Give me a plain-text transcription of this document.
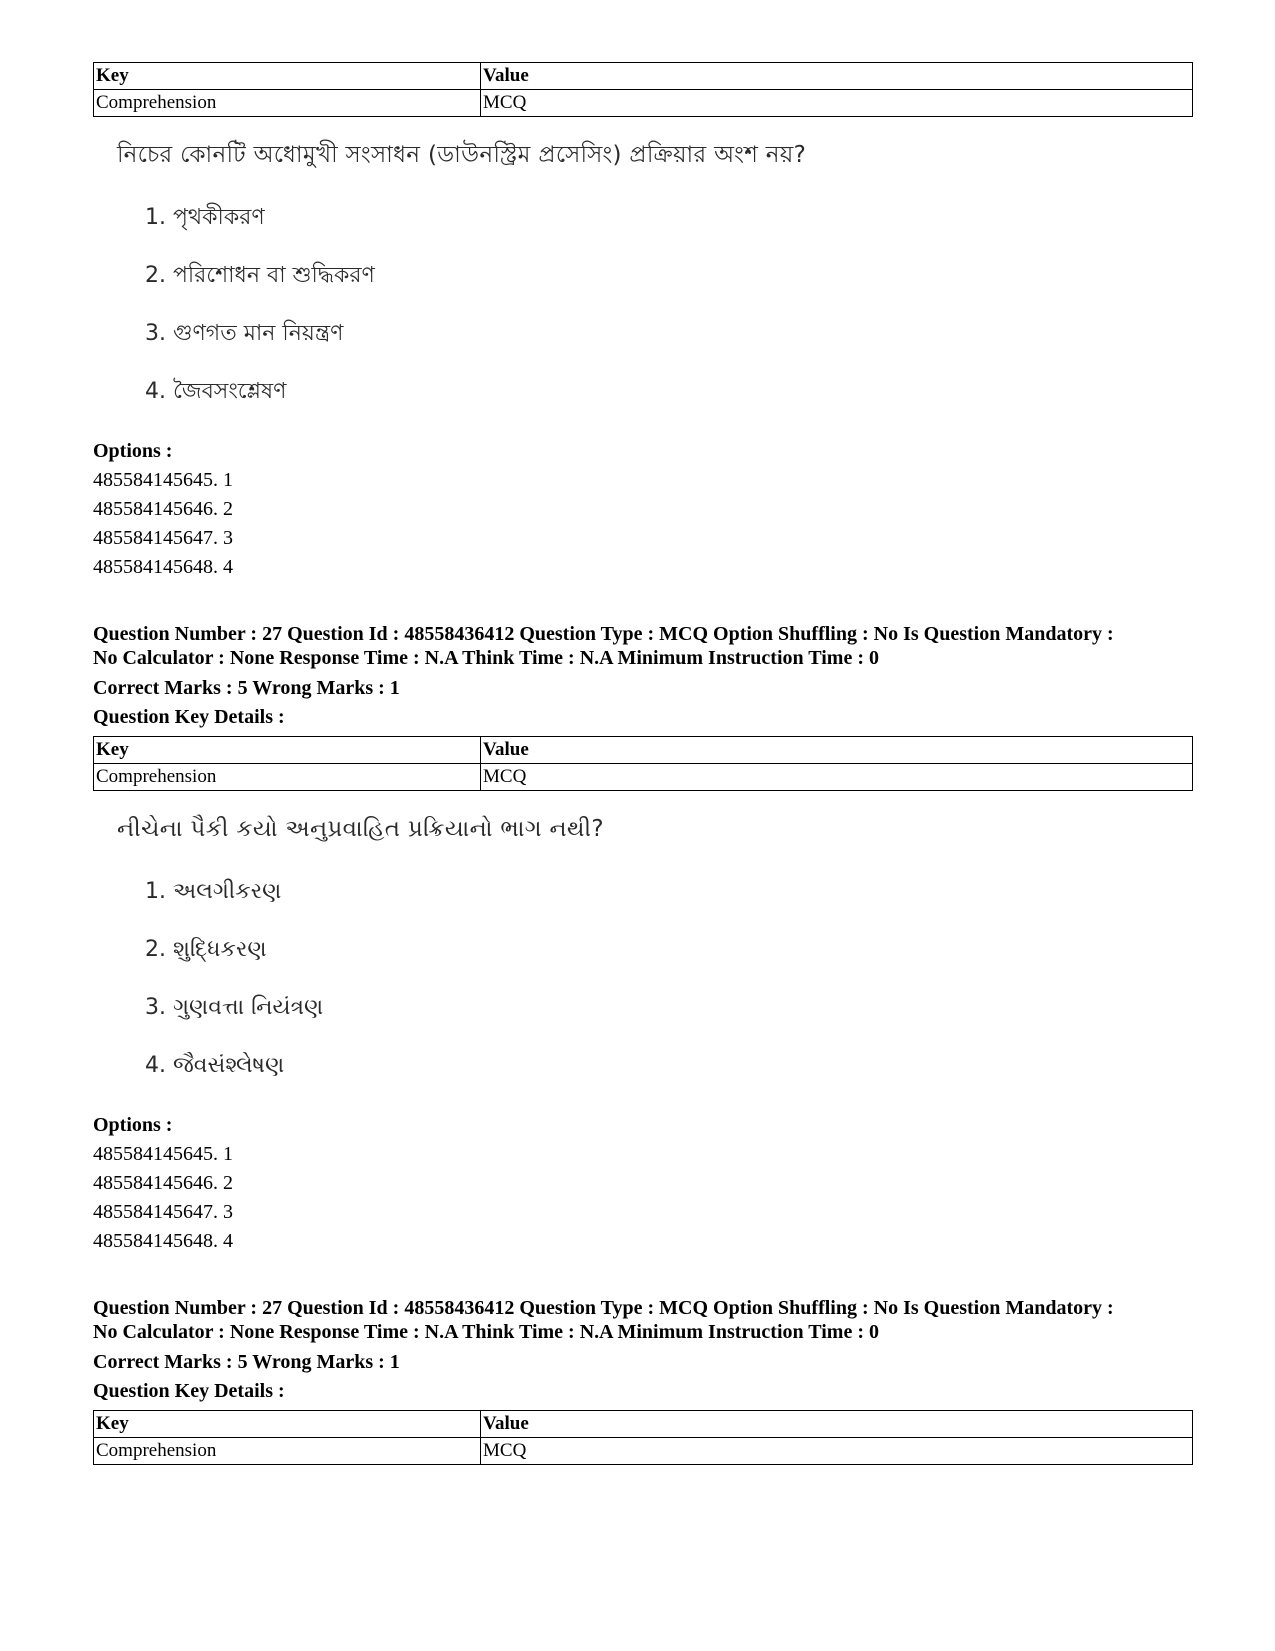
Key	Value
Comprehension	MCQ
নিচের কোনটি অধোমুখী সংসাধন (ডাউনস্ট্রিম প্রসেসিং) প্রক্রিয়ার অংশ নয়?
1. পৃথকীকরণ
2. পরিশোধন বা শুদ্ধিকরণ
3. গুণগত মান নিয়ন্ত্রণ
4. জৈবসংশ্লেষণ
Options :
485584145645. 1
485584145646. 2
485584145647. 3
485584145648. 4
Question Number : 27 Question Id : 48558436412 Question Type : MCQ Option Shuffling : No Is Question Mandatory :
No Calculator : None Response Time : N.A Think Time : N.A Minimum Instruction Time : 0
Correct Marks : 5 Wrong Marks : 1
Question Key Details :
Key	Value
Comprehension	MCQ
નીચેના પૈકી કયો અનુપ્રવાહિત પ્રક્રિયાનો ભાગ નથી?
1. અલગીકરણ
2. શુદ્ધિકરણ
3. ગુણવત્તા નિયંત્રણ
4. જૈવસંશ્લેષણ
Options :
485584145645. 1
485584145646. 2
485584145647. 3
485584145648. 4
Question Number : 27 Question Id : 48558436412 Question Type : MCQ Option Shuffling : No Is Question Mandatory :
No Calculator : None Response Time : N.A Think Time : N.A Minimum Instruction Time : 0
Correct Marks : 5 Wrong Marks : 1
Question Key Details :
Key	Value
Comprehension	MCQ
